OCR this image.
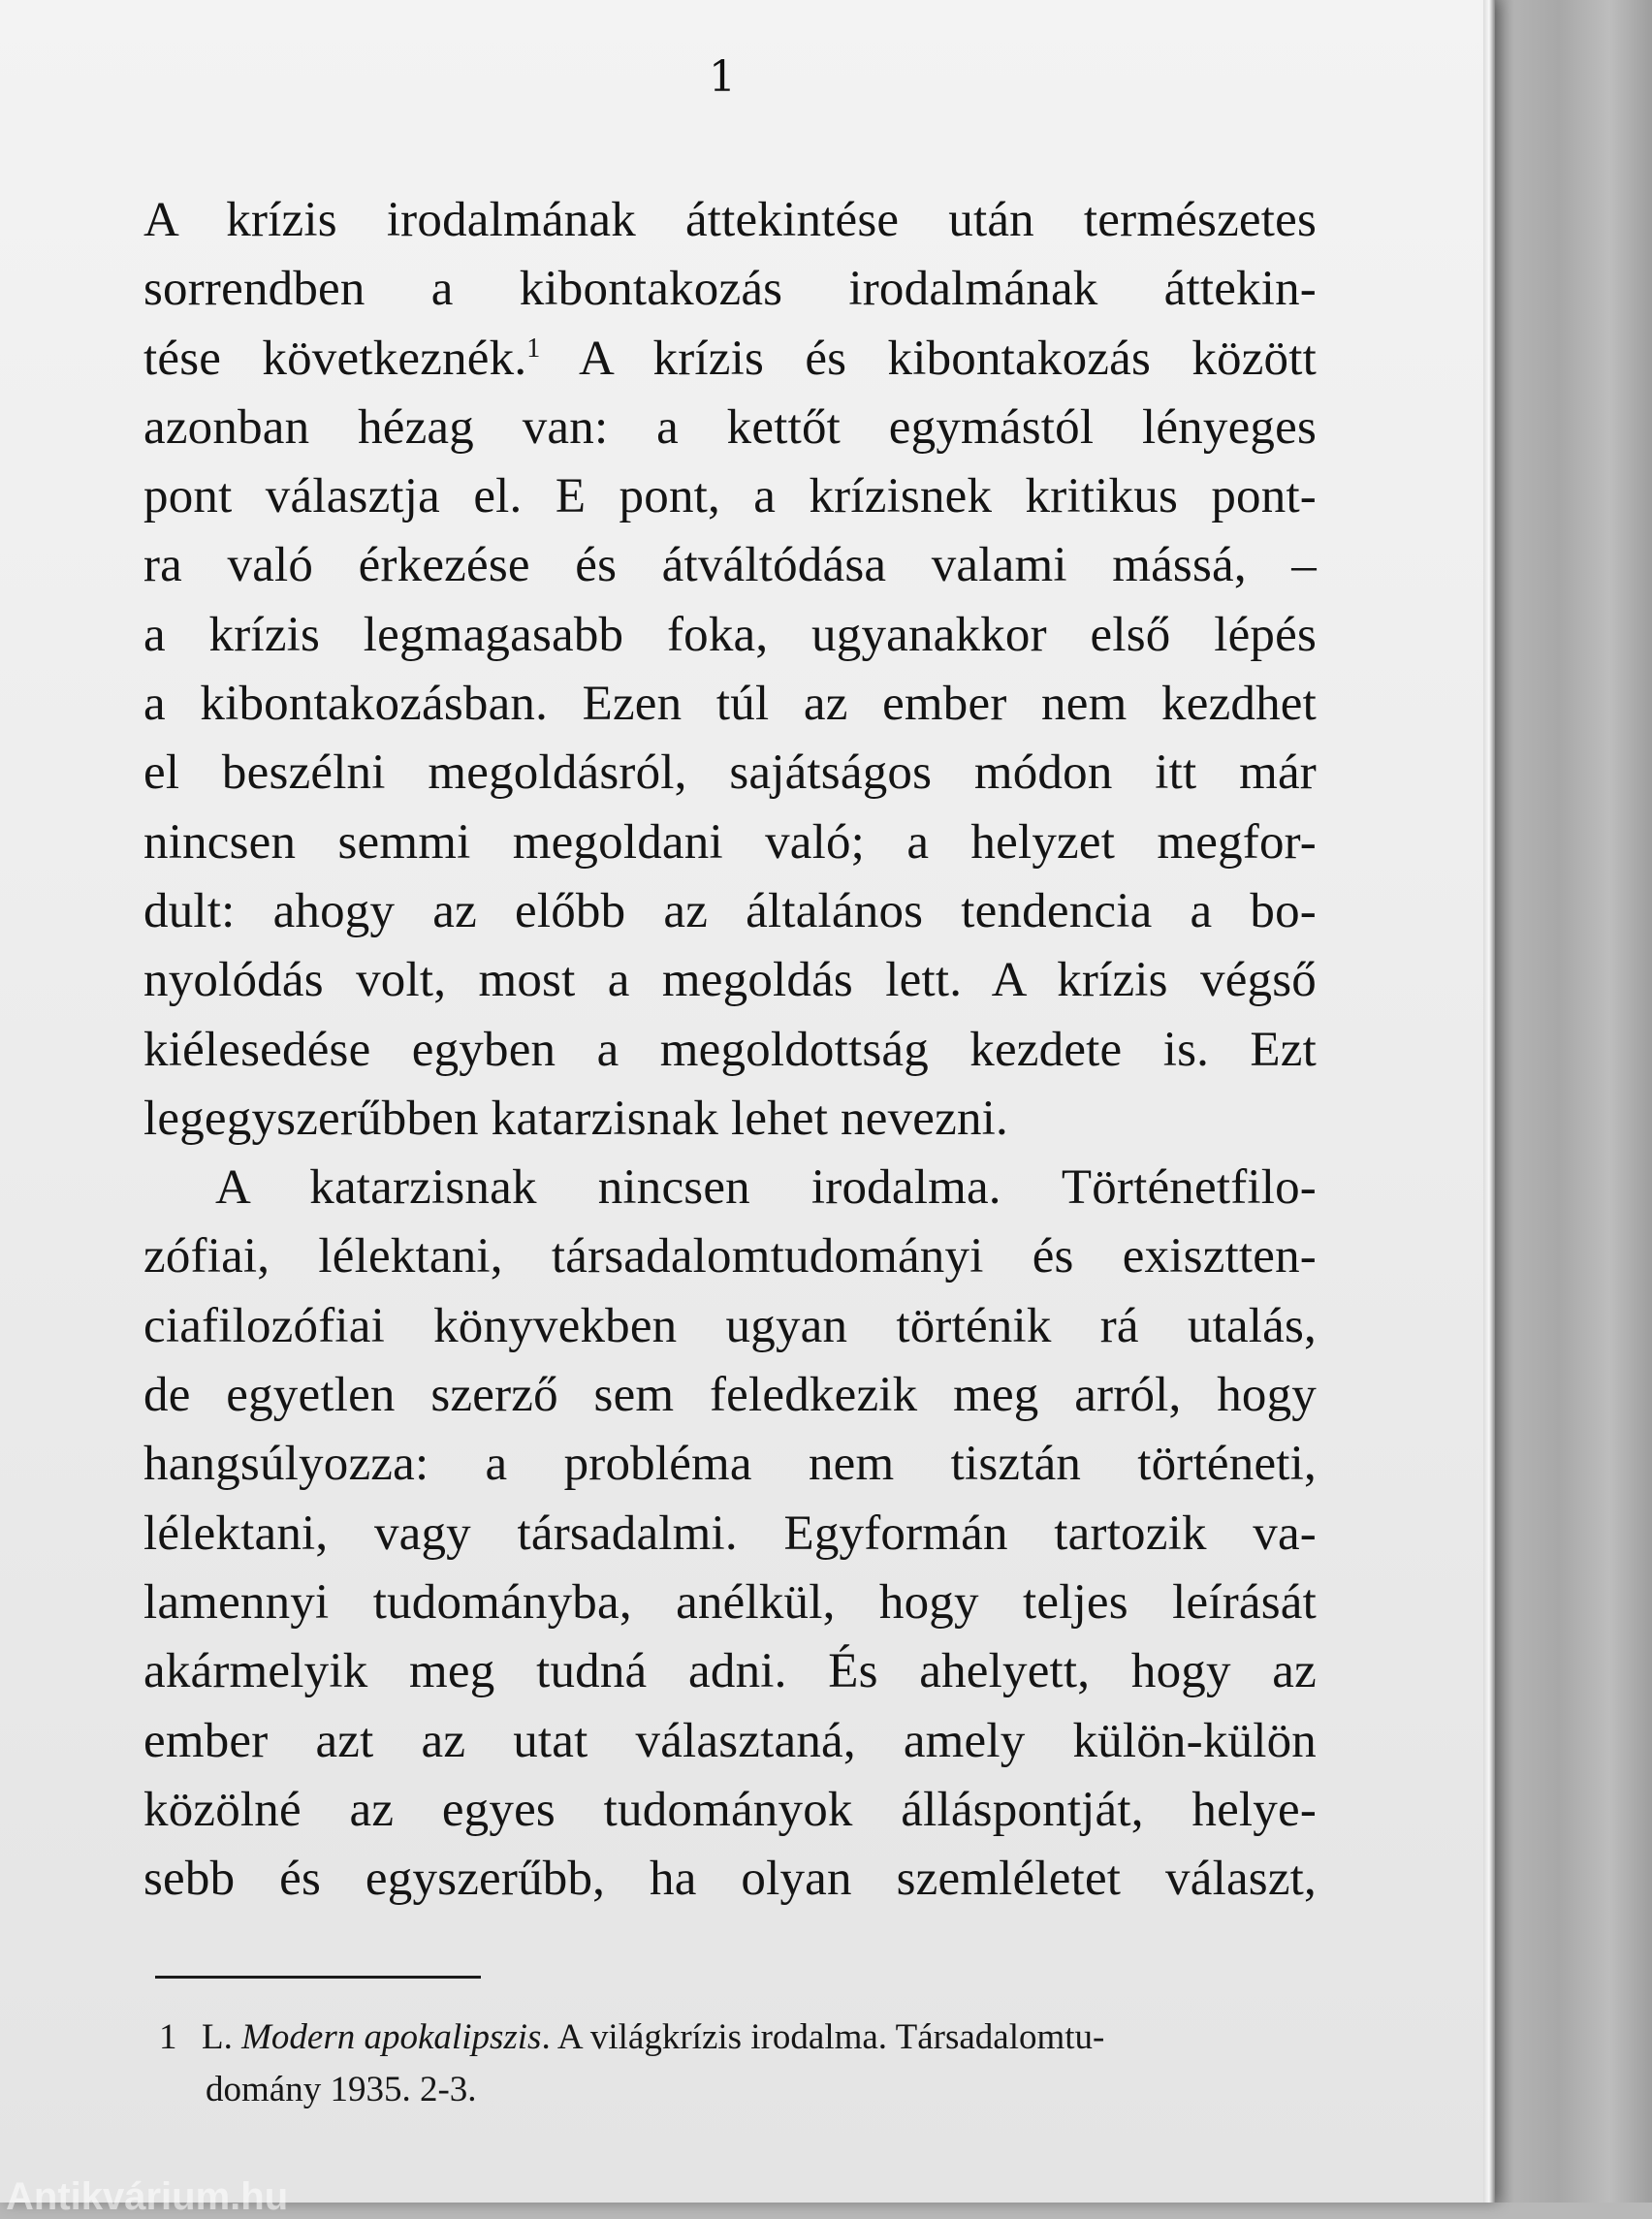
1
A krízis irodalmának áttekintése után természetes
sorrendben a kibontakozás irodalmának áttekin-
tése következnék.$^1$ A krízis és kibontakozás között
azonban hézag van: a kettőt egymástól lényeges
pont választja el. E pont, a krízisnek kritikus pont-
ra való érkezése és átváltódása valami mássá, –
a krízis legmagasabb foka, ugyanakkor első lépés
a kibontakozásban. Ezen túl az ember nem kezdhet
el beszélni megoldásról, sajátságos módon itt már
nincsen semmi megoldani való; a helyzet megfor-
dult: ahogy az előbb az általános tendencia a bo-
nyolódás volt, most a megoldás lett. A krízis végső
kiélesedése egyben a megoldottság kezdete is. Ezt
legegyszerűbben katarzisnak lehet nevezni.
A katarzisnak nincsen irodalma. Történetfilo-
zófiai, lélektani, társadalomtudományi és exisztten-
ciafilozófiai könyvekben ugyan történik rá utalás,
de egyetlen szerző sem feledkezik meg arról, hogy
hangsúlyozza: a probléma nem tisztán történeti,
lélektani, vagy társadalmi. Egyformán tartozik va-
lamennyi tudományba, anélkül, hogy teljes leírását
akármelyik meg tudná adni. És ahelyett, hogy az
ember azt az utat választaná, amely külön-külön
közölné az egyes tudományok álláspontját, helye-
sebb és egyszerűbb, ha olyan szemléletet választ,
1 L. Modern apokalipszis. A világkrízis irodalma. Társadalomtu-
domány 1935. 2-3.
Antikvárium.hu
